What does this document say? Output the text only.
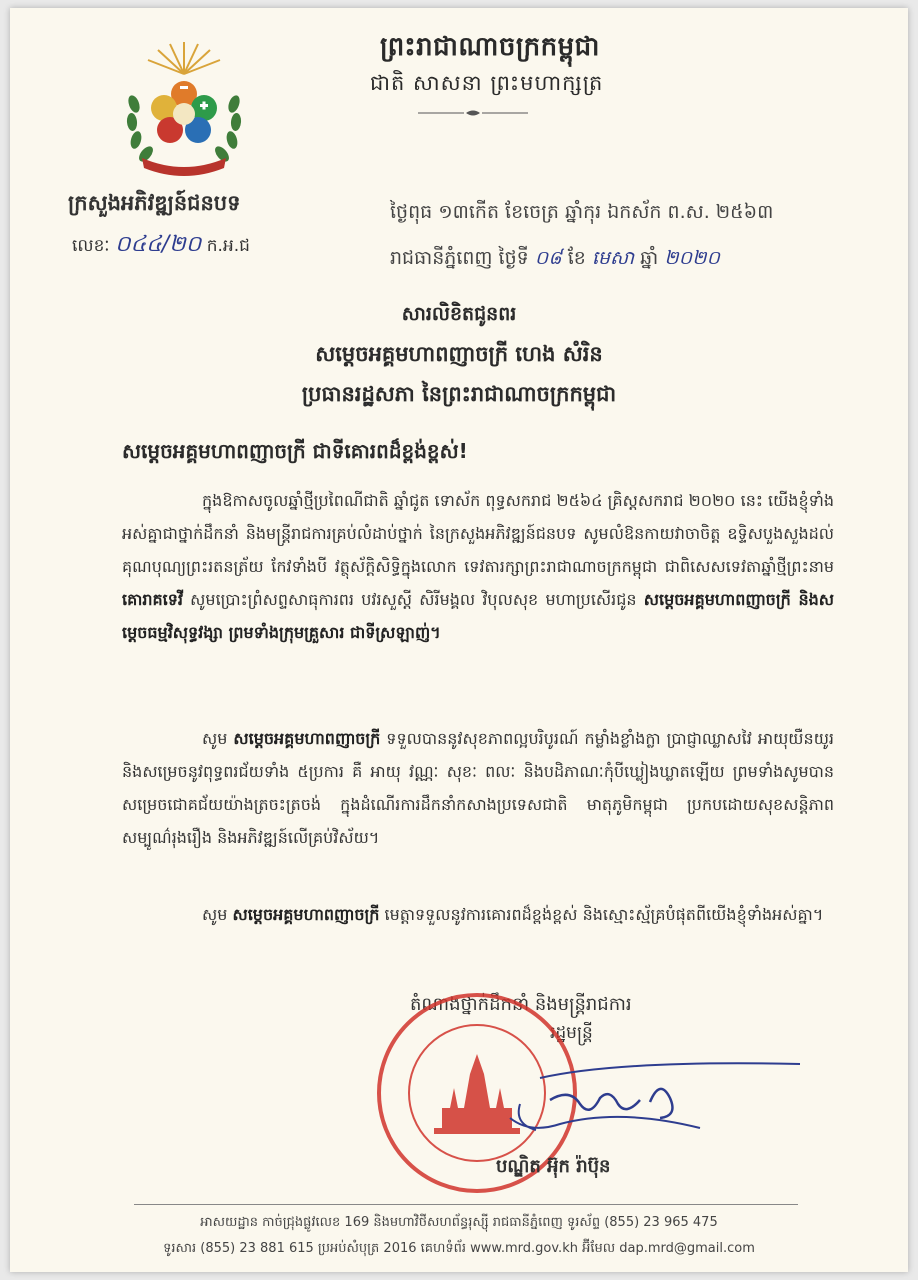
ព្រះរាជាណាចក្រកម្ពុជា
ជាតិ សាសនា ព្រះមហាក្សត្រ
ក្រសួងអភិវឌ្ឍន៍ជនបទ
លេខៈ ០៤៤/២០ ក.អ.ជ
ថ្ងៃពុធ ១៣កើត ខែចេត្រ ឆ្នាំកុរ ឯកស័ក ព.ស. ២៥៦៣
រាជធានីភ្នំពេញ ថ្ងៃទី ០៨ ខែ មេសា ឆ្នាំ ២០២០
សារលិខិតជូនពរ
សម្តេចអគ្គមហាពញាចក្រី ហេង សំរិន
ប្រធានរដ្ឋសភា នៃព្រះរាជាណាចក្រកម្ពុជា
សម្តេចអគ្គមហាពញាចក្រី ជាទីគោរពដ៏ខ្ពង់ខ្ពស់!
ក្នុងឱកាសចូលឆ្នាំថ្មីប្រពៃណីជាតិ ឆ្នាំជូត ទោស័ក ពុទ្ធសករាជ ២៥៦៤ គ្រិស្តសករាជ ២០២០ នេះ យើងខ្ញុំទាំងអស់គ្នាជាថ្នាក់ដឹកនាំ និងមន្ត្រីរាជការគ្រប់លំដាប់ថ្នាក់ នៃក្រសួងអភិវឌ្ឍន៍ជនបទ សូមលំឱនកាយវាចាចិត្ត ឧទ្ទិសបួងសួងដល់គុណបុណ្យព្រះរតនត្រ័យ កែវទាំងបី វត្ថុស័ក្តិសិទ្ធិក្នុងលោក ទេវតារក្សាព្រះរាជាណាចក្រកម្ពុជា ជាពិសេសទេវតាឆ្នាំថ្មីព្រះនាម គោរាគទេវី សូមប្រោះព្រំសព្ទសាធុការពរ បវរសួស្តី សិរីមង្គល វិបុលសុខ មហាប្រសើរជូន សម្តេចអគ្គមហាពញាចក្រី និងសម្តេចធម្មវិសុទ្ធវង្សា ព្រមទាំងក្រុមគ្រួសារ ជាទីស្រឡាញ់។
សូម សម្តេចអគ្គមហាពញាចក្រី ទទួលបាននូវសុខភាពល្អបរិបូរណ៍ កម្លាំងខ្លាំងក្លា ប្រាជ្ញាឈ្លាសវៃ អាយុយឺនយូរ និងសម្រេចនូវពុទ្ធពរជ័យទាំង ៥ប្រការ គឺ អាយុ វណ្ណៈ សុខៈ ពលៈ និងបដិភាណៈកុំបីឃ្លៀងឃ្លាតឡើយ ព្រមទាំងសូមបានសម្រេចជោគជ័យយ៉ាងត្រចះត្រចង់ ក្នុងដំណើរការដឹកនាំកសាងប្រទេសជាតិ មាតុភូមិកម្ពុជា ប្រកបដោយសុខសន្តិភាព សម្បូណ៌រុងរឿង និងអភិវឌ្ឍន៍លើគ្រប់វិស័យ។
សូម សម្តេចអគ្គមហាពញាចក្រី មេត្តាទទួលនូវការគោរពដ៏ខ្ពង់ខ្ពស់ និងស្មោះស្ម័គ្របំផុតពីយើងខ្ញុំទាំងអស់គ្នា។
តំណាងថ្នាក់ដឹកនាំ និងមន្ត្រីរាជការ
រដ្ឋមន្ត្រី
បណ្ឌិត អ៊ុក រ៉ាប៊ុន
អាសយដ្ឋាន កាច់ជ្រុងផ្លូវលេខ 169 និងមហាវិថីសហព័ន្ធរុស្ស៊ី រាជធានីភ្នំពេញ ទូរស័ព្ទ (855) 23 965 475
ទូរសារ (855) 23 881 615 ប្រអប់សំបុត្រ 2016 គេហទំព័រ www.mrd.gov.kh អ៊ីមែល dap.mrd@gmail.com
